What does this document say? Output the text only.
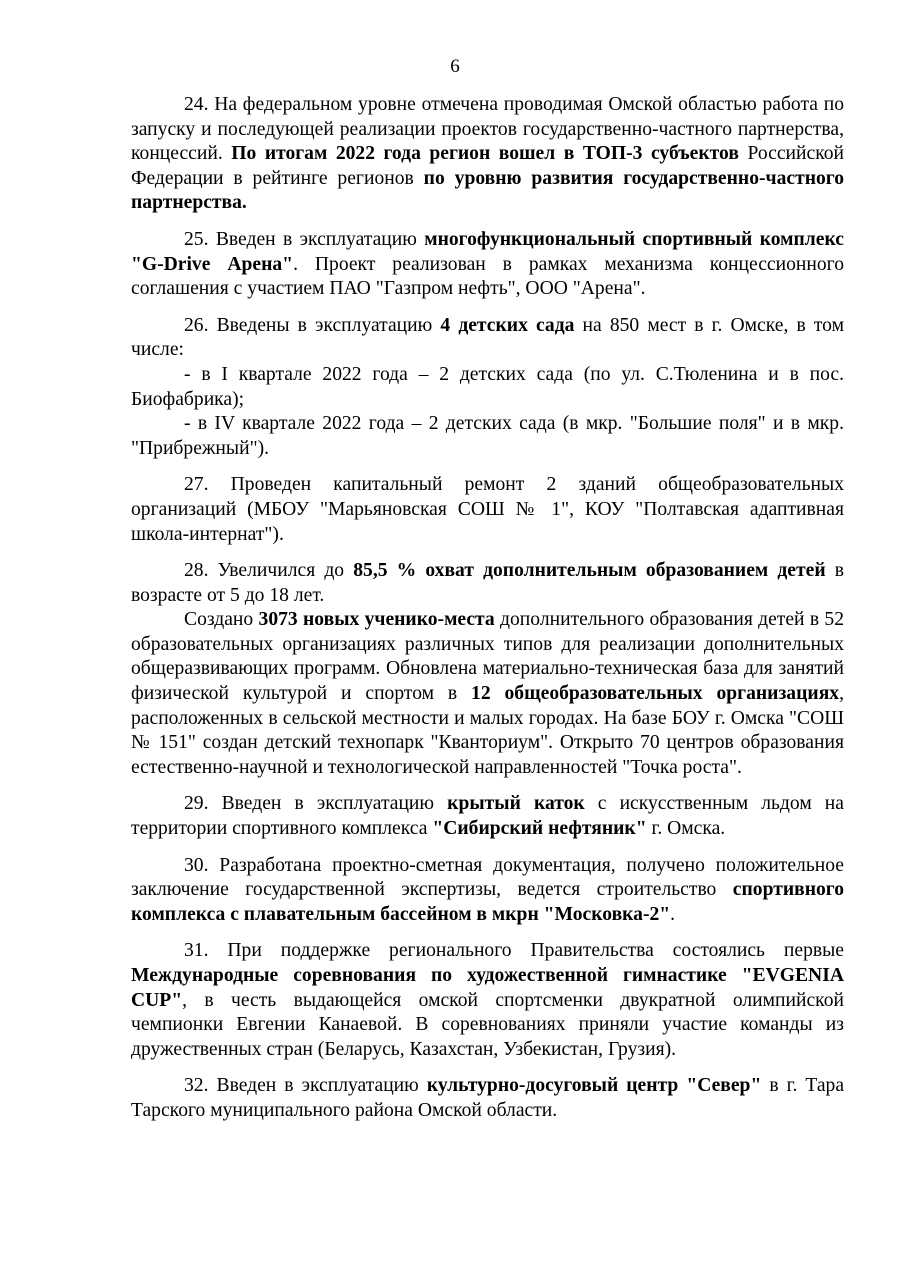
6

24. На федеральном уровне отмечена проводимая Омской областью работа по запуску и последующей реализации проектов государственно-частного партнерства, концессий. По итогам 2022 года регион вошел в ТОП-3 субъектов Российской Федерации в рейтинге регионов по уровню развития государственно-частного партнерства.

25. Введен в эксплуатацию многофункциональный спортивный комплекс "G-Drive Арена". Проект реализован в рамках механизма концессионного соглашения с участием ПАО "Газпром нефть", ООО "Арена".

26. Введены в эксплуатацию 4 детских сада на 850 мест в г. Омске, в том числе:

- в I квартале 2022 года – 2 детских сада (по ул. С.Тюленина и в пос. Биофабрика);

- в IV квартале 2022 года – 2 детских сада (в мкр. "Большие поля" и в мкр. "Прибрежный").

27. Проведен капитальный ремонт 2 зданий общеобразовательных организаций (МБОУ "Марьяновская СОШ № 1", КОУ "Полтавская адаптивная школа-интернат").

28. Увеличился до 85,5 % охват дополнительным образованием детей в возрасте от 5 до 18 лет.

Создано 3073 новых ученико-места дополнительного образования детей в 52 образовательных организациях различных типов для реализации дополнительных общеразвивающих программ. Обновлена материально-техническая база для занятий физической культурой и спортом в 12 общеобразовательных организациях, расположенных в сельской местности и малых городах. На базе БОУ г. Омска "СОШ № 151" создан детский технопарк "Кванториум". Открыто 70 центров образования естественно-научной и технологической направленностей "Точка роста".

29. Введен в эксплуатацию крытый каток с искусственным льдом на территории спортивного комплекса "Сибирский нефтяник" г. Омска.

30. Разработана проектно-сметная документация, получено положительное заключение государственной экспертизы, ведется строительство спортивного комплекса с плавательным бассейном в мкрн "Московка-2".

31. При поддержке регионального Правительства состоялись первые Международные соревнования по художественной гимнастике "EVGENIA CUP", в честь выдающейся омской спортсменки двукратной олимпийской чемпионки Евгении Канаевой. В соревнованиях приняли участие команды из дружественных стран (Беларусь, Казахстан, Узбекистан, Грузия).

32. Введен в эксплуатацию культурно-досуговый центр "Север" в г. Тара Тарского муниципального района Омской области.
